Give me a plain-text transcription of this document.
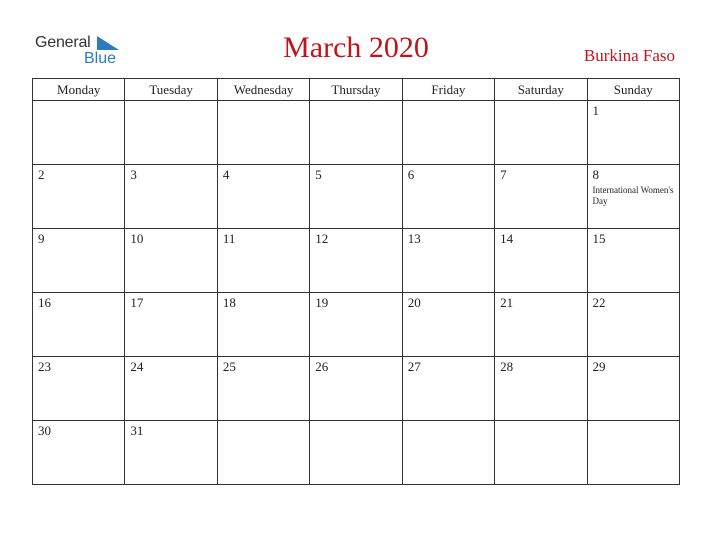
General
Blue	March 2020	Burkina Faso
Monday	Tuesday	Wednesday	Thursday	Friday	Saturday	Sunday

						1

2	3	4	5	6	7	8
International Women's Day

9	10	11	12	13	14	15

16	17	18	19	20	21	22

23	24	25	26	27	28	29

30	31					
